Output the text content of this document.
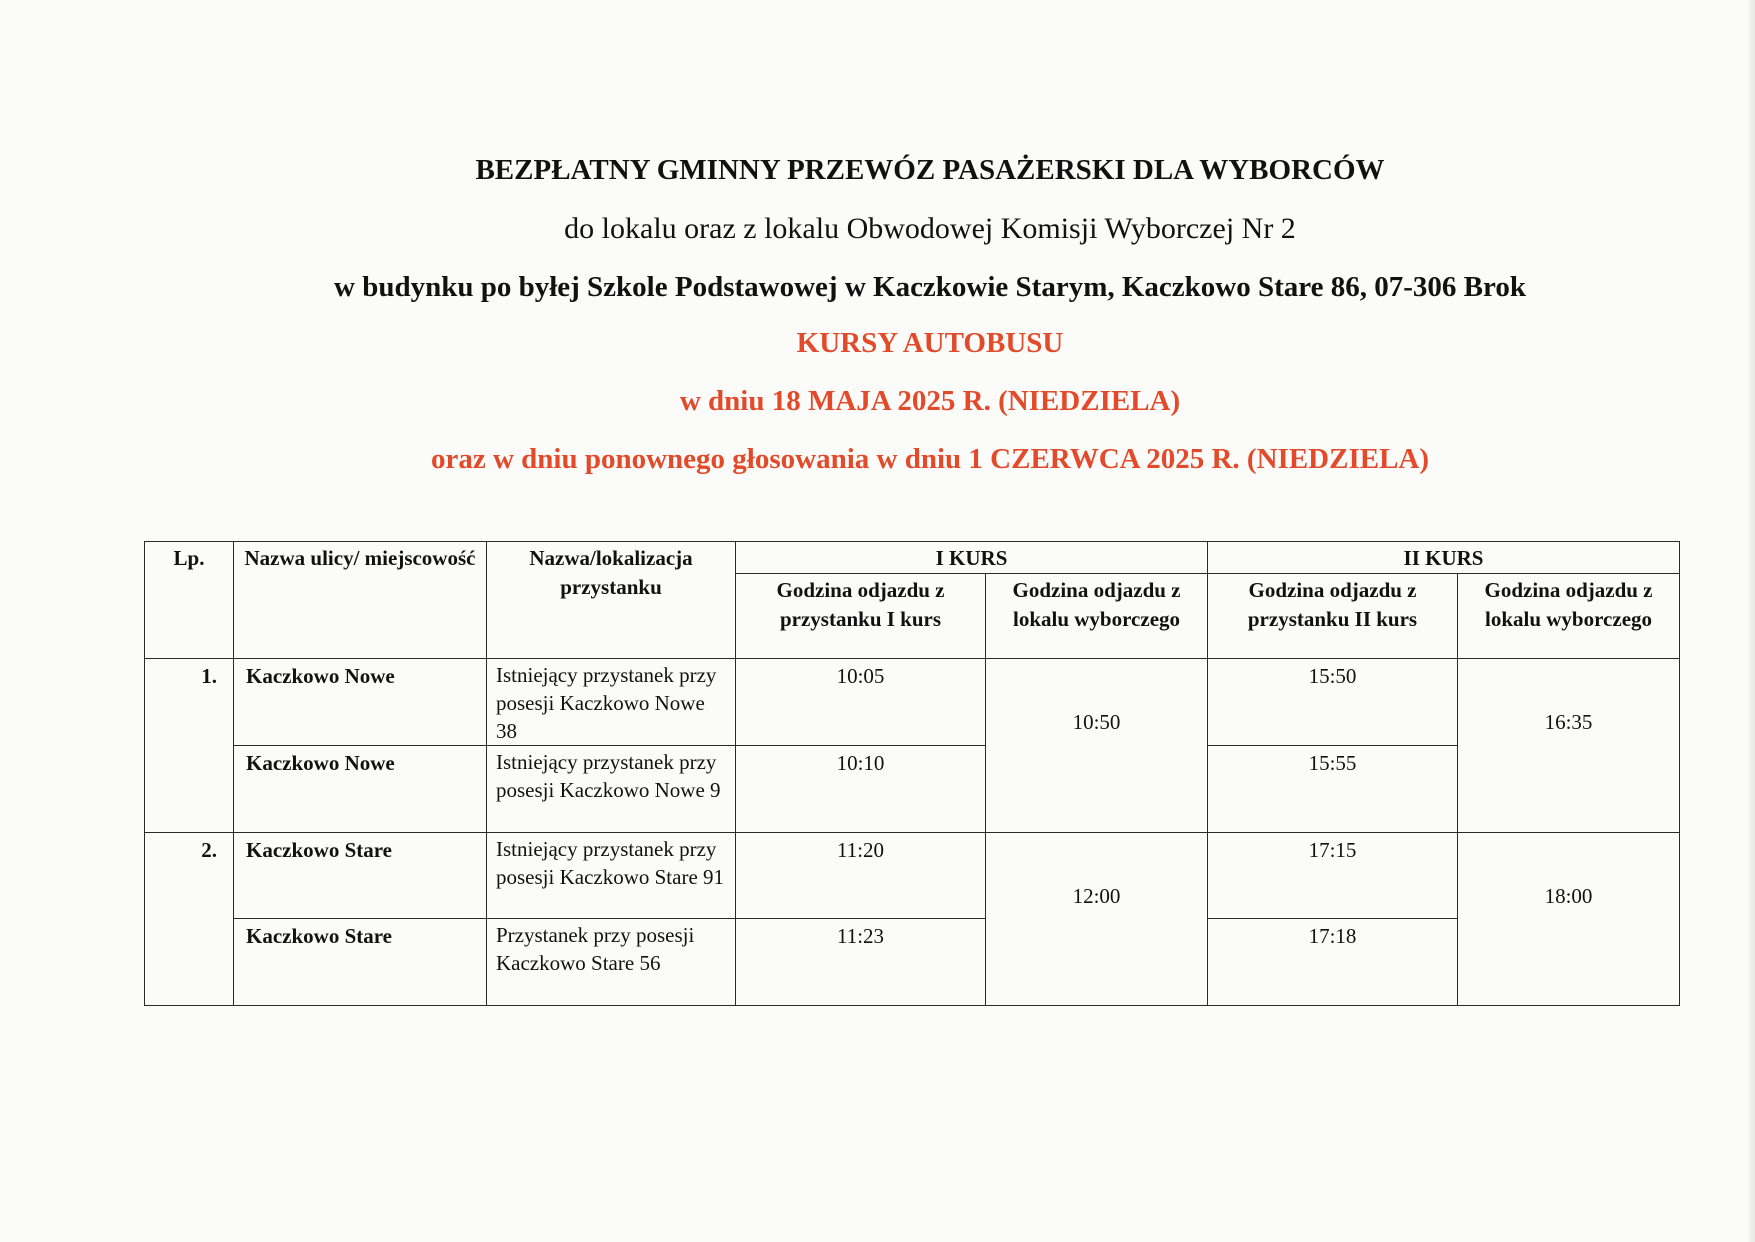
BEZPŁATNY GMINNY PRZEWÓZ PASAŻERSKI DLA WYBORCÓW
do lokalu oraz z lokalu Obwodowej Komisji Wyborczej Nr 2
w budynku po byłej Szkole Podstawowej w Kaczkowie Starym, Kaczkowo Stare 86, 07-306 Brok
KURSY AUTOBUSU
w dniu 18 MAJA 2025 R. (NIEDZIELA)
oraz w dniu ponownego głosowania w dniu 1 CZERWCA 2025 R. (NIEDZIELA)
Lp.	Nazwa ulicy/ miejscowość	Nazwa/lokalizacja przystanku	I KURS		II KURS	
			Godzina odjazdu z przystanku I kurs	Godzina odjazdu z lokalu wyborczego	Godzina odjazdu z przystanku II kurs	Godzina odjazdu z lokalu wyborczego
1.	Kaczkowo Nowe	Istniejący przystanek przy posesji Kaczkowo Nowe 38	10:05	10:50	15:50	16:35
	Kaczkowo Nowe	Istniejący przystanek przy posesji Kaczkowo Nowe 9	10:10		15:55	
2.	Kaczkowo Stare	Istniejący przystanek przy posesji Kaczkowo Stare 91	11:20	12:00	17:15	18:00
	Kaczkowo Stare	Przystanek przy posesji Kaczkowo Stare 56	11:23		17:18	
